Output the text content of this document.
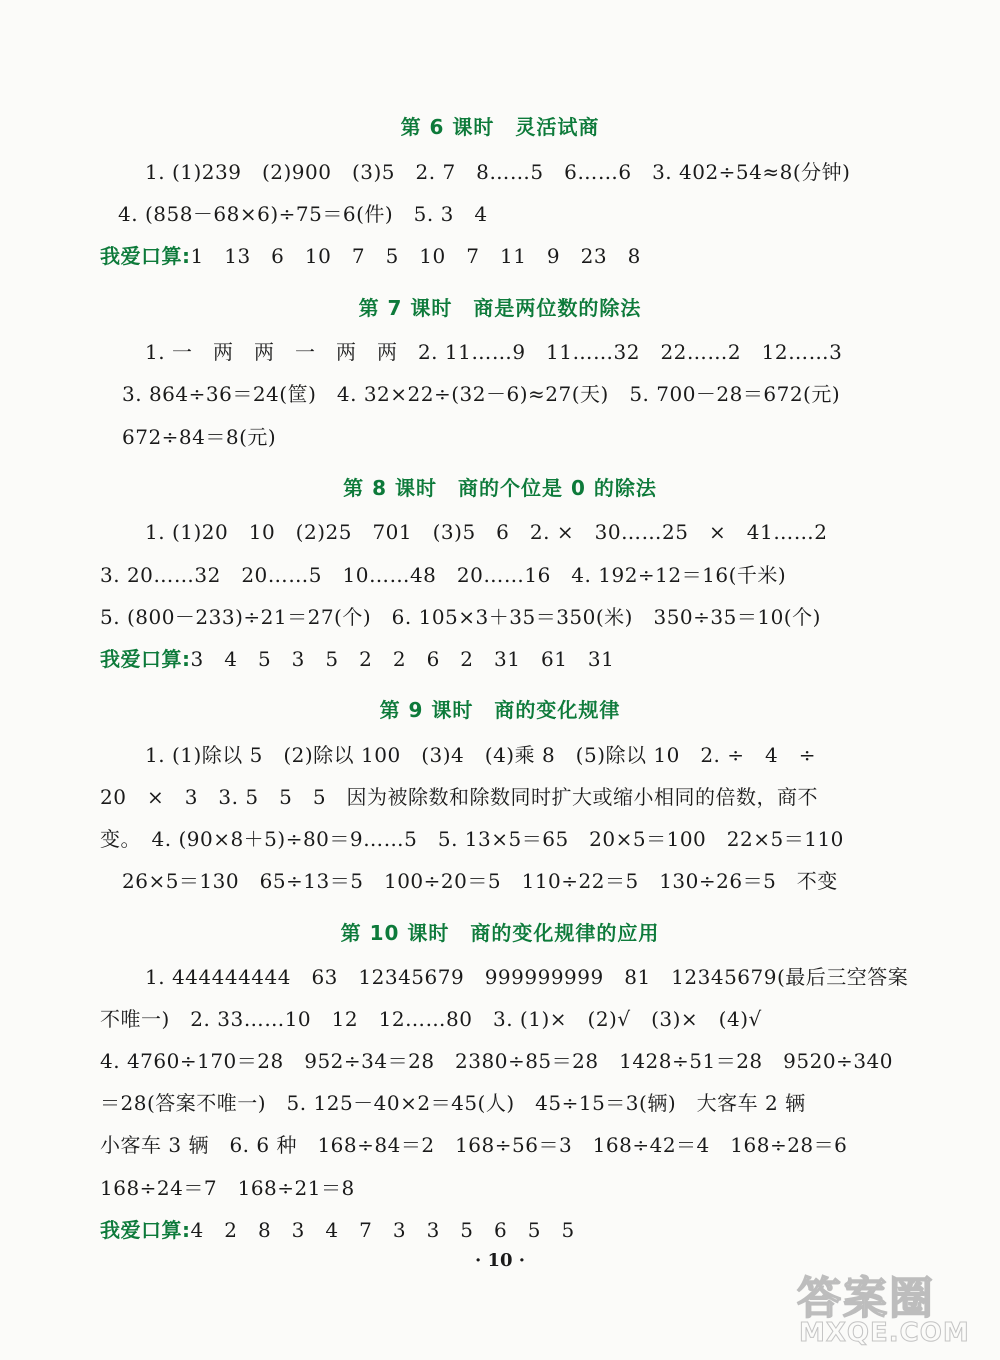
第 6 课时　灵活试商
1. (1)239　(2)900　(3)5　2. 7　8……5　6……6　3. 402÷54≈8(分钟)
4. (858－68×6)÷75＝6(件)　5. 3　4
我爱口算:1　13　6　10　7　5　10　7　11　9　23　8
第 7 课时　商是两位数的除法
1. 一　两　两　一　两　两　2. 11……9　11……32　22……2　12……3
3. 864÷36＝24(筐)　4. 32×22÷(32－6)≈27(天)　5. 700－28＝672(元)
672÷84＝8(元)
第 8 课时　商的个位是 0 的除法
1. (1)20　10　(2)25　701　(3)5　6　2. ×　30……25　×　41……2
3. 20……32　20……5　10……48　20……16　4. 192÷12＝16(千米)
5. (800－233)÷21＝27(个)　6. 105×3＋35＝350(米)　350÷35＝10(个)
我爱口算:3　4　5　3　5　2　2　6　2　31　61　31
第 9 课时　商的变化规律
1. (1)除以 5　(2)除以 100　(3)4　(4)乘 8　(5)除以 10　2. ÷　4　÷
20　×　3　3. 5　5　5　因为被除数和除数同时扩大或缩小相同的倍数，商不
变。　4. (90×8＋5)÷80＝9……5　5. 13×5＝65　20×5＝100　22×5＝110
26×5＝130　65÷13＝5　100÷20＝5　110÷22＝5　130÷26＝5　不变
第 10 课时　商的变化规律的应用
1. 444444444　63　12345679　999999999　81　12345679(最后三空答案
不唯一)　2. 33……10　12　12……80　3. (1)×　(2)√　(3)×　(4)√
4. 4760÷170＝28　952÷34＝28　2380÷85＝28　1428÷51＝28　9520÷340
＝28(答案不唯一)　5. 125－40×2＝45(人)　45÷15＝3(辆)　大客车 2 辆
小客车 3 辆　6. 6 种　168÷84＝2　168÷56＝3　168÷42＝4　168÷28＝6
168÷24＝7　168÷21＝8
我爱口算:4　2　8　3　4　7　3　3　5　6　5　5
· 10 ·
答案圈
MXQE.COM
